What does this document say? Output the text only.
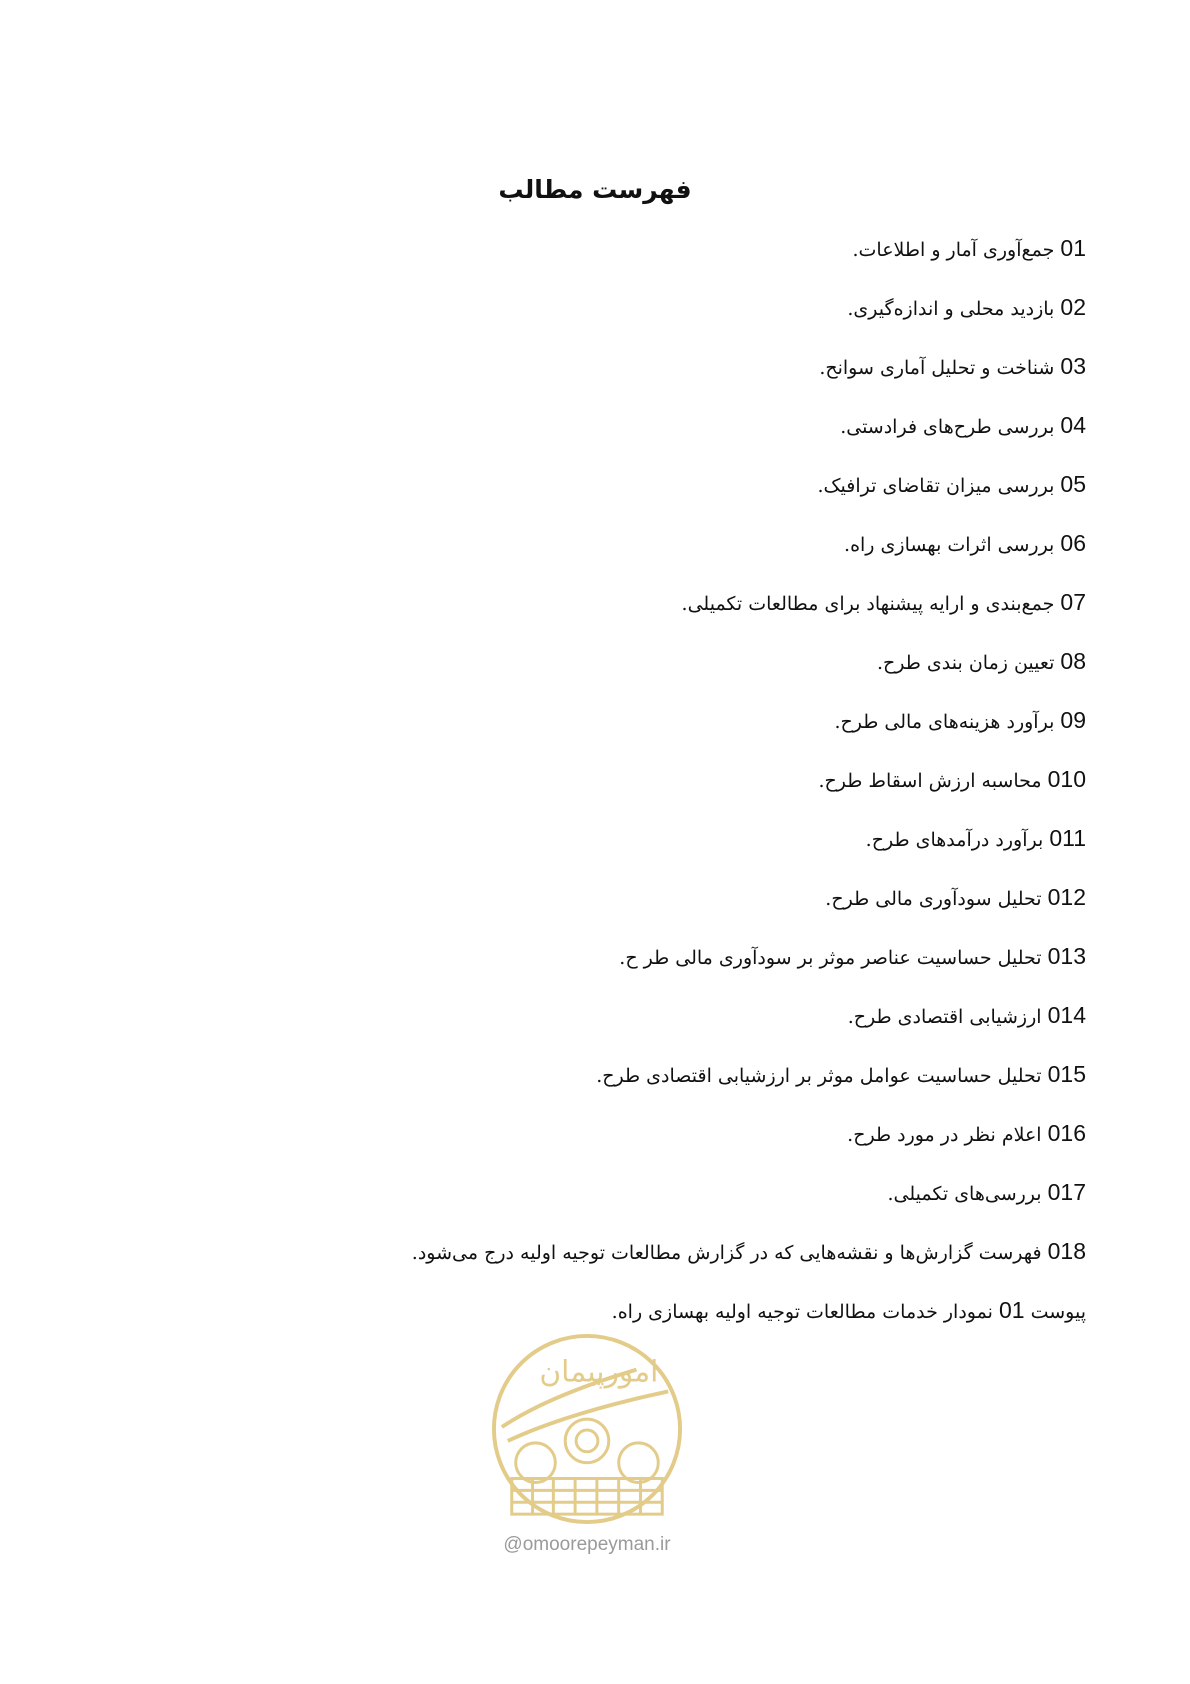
فهرست مطالب
01 جمع‌آوری آمار و اطلاعات.
02 بازدید محلی و اندازه‌گیری.
03 شناخت و تحلیل آماری سوانح.
04 بررسی طرح‌های فرادستی.
05 بررسی میزان تقاضای ترافیک.
06 بررسی اثرات بهسازی راه.
07 جمع‌بندی و ارایه پیشنهاد برای مطالعات تکمیلی.
08 تعیین زمان بندی طرح.
09 برآورد هزینه‌های مالی طرح.
010 محاسبه ارزش اسقاط طرح.
011 برآورد درآمدهای طرح.
012 تحلیل سودآوری مالی طرح.
013 تحلیل حساسیت عناصر موثر بر سودآوری مالی طر ح.
014 ارزشیابی اقتصادی طرح.
015 تحلیل حساسیت عوامل موثر بر ارزشیابی اقتصادی طرح.
016 اعلام نظر در مورد طرح.
017 بررسی‌های تکمیلی.
018 فهرست گزارش‌ها و نقشه‌هایی که در گزارش مطالعات توجیه اولیه درج می‌شود.
پیوست 01 نمودار خدمات مطالعات توجیه اولیه بهسازی راه.
امورپیمان
@omoorepeyman.ir
